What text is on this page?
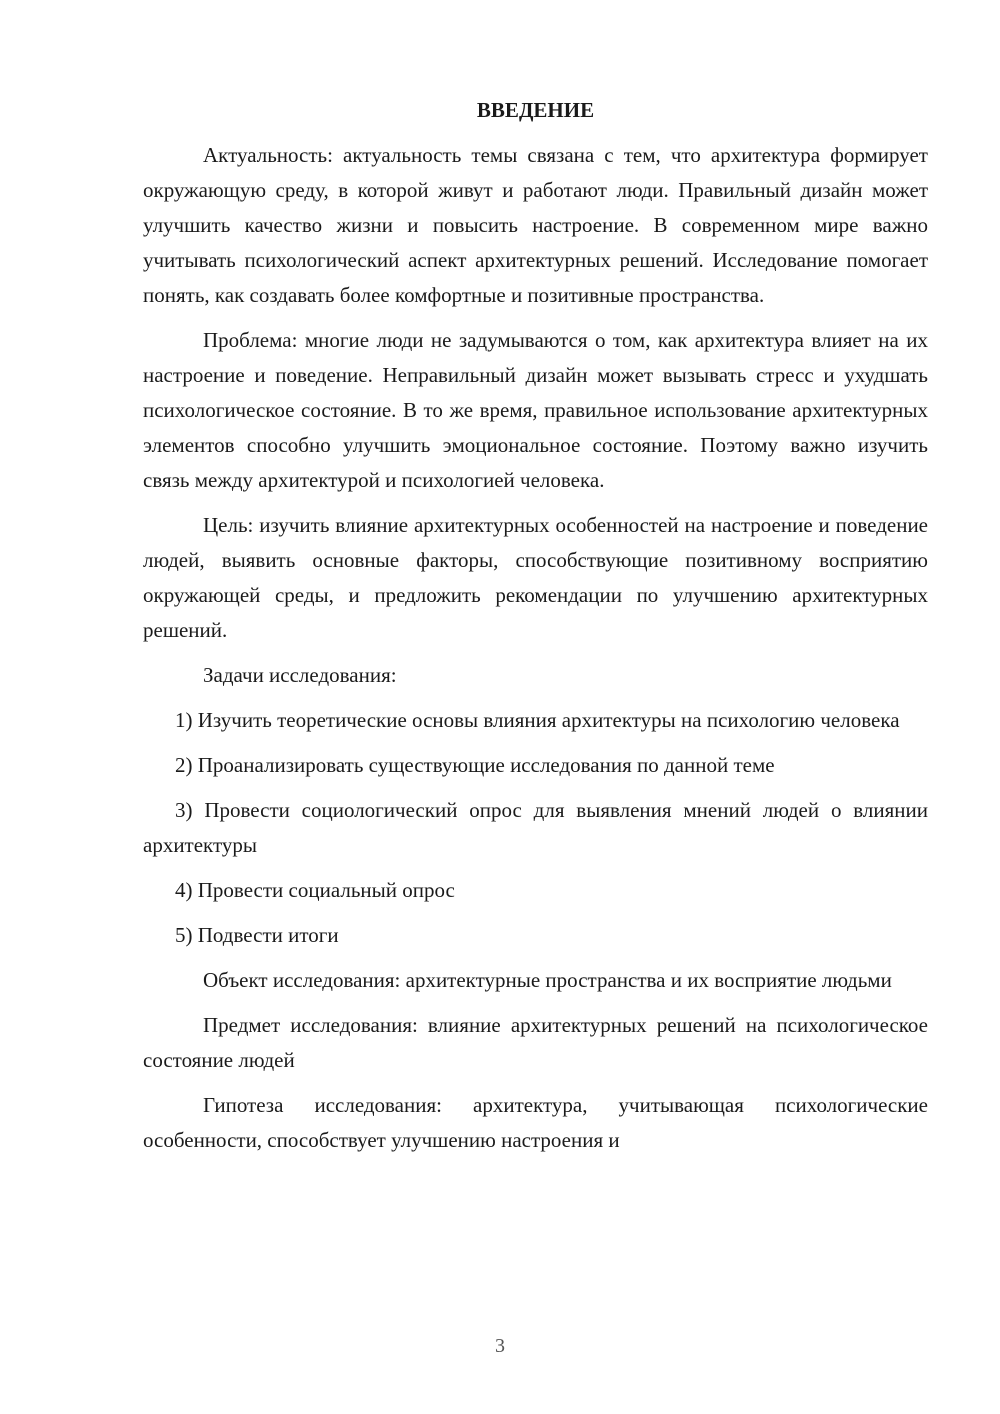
ВВЕДЕНИЕ

Актуальность: актуальность темы связана с тем, что архитектура формирует окружающую среду, в которой живут и работают люди. Правильный дизайн может улучшить качество жизни и повысить настроение. В современном мире важно учитывать психологический аспект архитектурных решений. Исследование помогает понять, как создавать более комфортные и позитивные пространства.

Проблема: многие люди не задумываются о том, как архитектура влияет на их настроение и поведение. Неправильный дизайн может вызывать стресс и ухудшать психологическое состояние. В то же время, правильное использование архитектурных элементов способно улучшить эмоциональное состояние. Поэтому важно изучить связь между архитектурой и психологией человека.

Цель: изучить влияние архитектурных особенностей на настроение и поведение людей, выявить основные факторы, способствующие позитивному восприятию окружающей среды, и предложить рекомендации по улучшению архитектурных решений.

Задачи исследования:

1) Изучить теоретические основы влияния архитектуры на психологию человека

2) Проанализировать существующие исследования по данной теме

3) Провести социологический опрос для выявления мнений людей о влиянии архитектуры

4) Провести социальный опрос

5) Подвести итоги

Объект исследования: архитектурные пространства и их восприятие людьми

Предмет исследования: влияние архитектурных решений на психологическое состояние людей

Гипотеза исследования: архитектура, учитывающая психологические особенности, способствует улучшению настроения и

3
